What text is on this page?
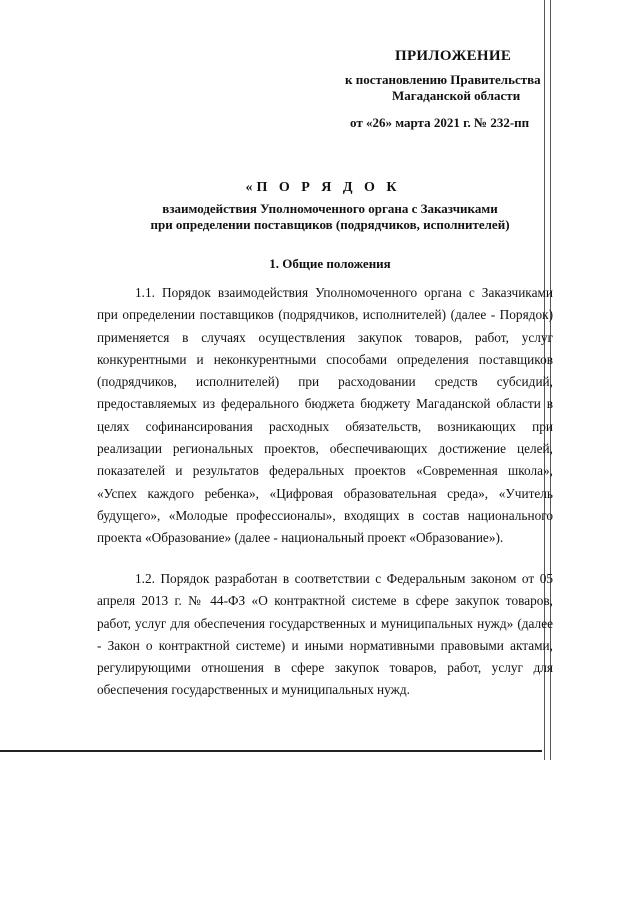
ПРИЛОЖЕНИЕ
к постановлению Правительства
Магаданской области
от «26» марта 2021 г. № 232-пп
«П О Р Я Д О К
взаимодействия Уполномоченного органа с Заказчиками
при определении поставщиков (подрядчиков, исполнителей)
1. Общие положения
1.1. Порядок взаимодействия Уполномоченного органа с Заказчиками при определении поставщиков (подрядчиков, исполнителей) (далее - Порядок) применяется в случаях осуществления закупок товаров, работ, услуг конкурентными и неконкурентными способами определения поставщиков (подрядчиков, исполнителей) при расходовании средств субсидий, предоставляемых из федерального бюджета бюджету Магаданской области в целях софинансирования расходных обязательств, возникающих при реализации региональных проектов, обеспечивающих достижение целей, показателей и результатов федеральных проектов «Современная школа», «Успех каждого ребенка», «Цифровая образовательная среда», «Учитель будущего», «Молодые профессионалы», входящих в состав национального проекта «Образование» (далее - национальный проект «Образование»).
1.2. Порядок разработан в соответствии с Федеральным законом от 05 апреля 2013 г. № 44-ФЗ «О контрактной системе в сфере закупок товаров, работ, услуг для обеспечения государственных и муниципальных нужд» (далее - Закон о контрактной системе) и иными нормативными правовыми актами, регулирующими отношения в сфере закупок товаров, работ, услуг для обеспечения государственных и муниципальных нужд.
